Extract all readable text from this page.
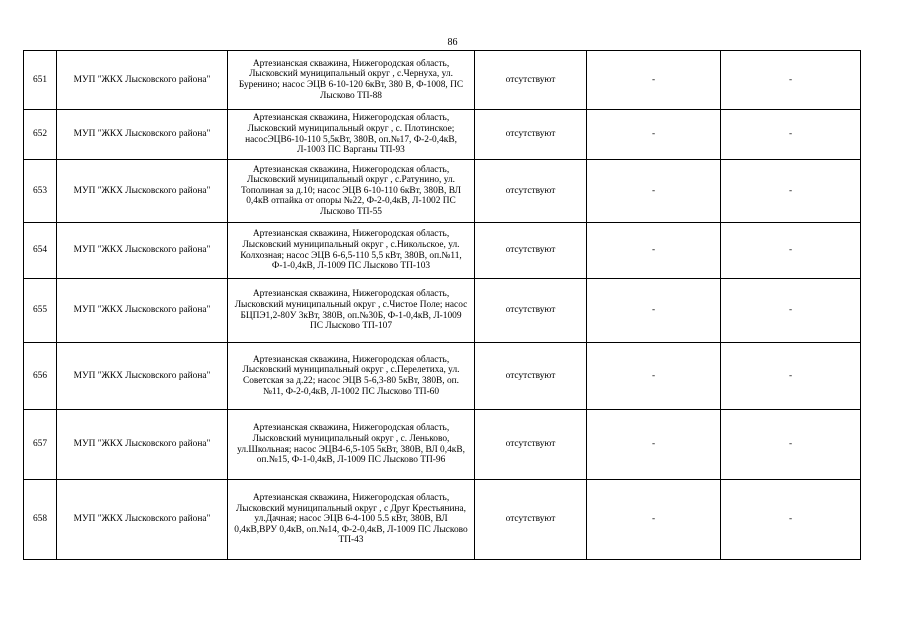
86
651	МУП "ЖКХ Лысковского района"	Артезианская скважина, Нижегородская область, Лысковский муниципальный округ , с.Чернуха, ул. Буренино; насос ЭЦВ 6-10-120 6кВт, 380 В, Ф-1008, ПС Лысково ТП-88	отсутствуют	-	-
652	МУП "ЖКХ Лысковского района"	Артезианская скважина, Нижегородская область, Лысковский муниципальный округ , с. Плотинское; насосЭЦВ6-10-110 5,5кВт, 380В, оп.№17, Ф-2-0,4кВ, Л-1003 ПС Варганы ТП-93	отсутствуют	-	-
653	МУП "ЖКХ Лысковского района"	Артезианская скважина, Нижегородская область, Лысковский муниципальный округ , с.Ратунино, ул. Тополиная за д.10; насос ЭЦВ 6-10-110 6кВт, 380В, ВЛ 0,4кВ отпайка от опоры №22, Ф-2-0,4кВ, Л-1002 ПС Лысково ТП-55	отсутствуют	-	-
654	МУП "ЖКХ Лысковского района"	Артезианская скважина, Нижегородская область, Лысковский муниципальный округ , с.Никольское, ул. Колхозная; насос ЭЦВ 6-6,5-110 5,5 кВт, 380В, оп.№11, Ф-1-0,4кВ, Л-1009 ПС Лысково ТП-103	отсутствуют	-	-
655	МУП "ЖКХ Лысковского района"	Артезианская скважина, Нижегородская область, Лысковский муниципальный округ , с.Чистое Поле; насос БЦПЭ1,2-80У 3кВт, 380В, оп.№30Б, Ф-1-0,4кВ, Л-1009 ПС Лысково ТП-107	отсутствуют	-	-
656	МУП "ЖКХ Лысковского района"	Артезианская скважина, Нижегородская область, Лысковский муниципальный округ , с.Перелетиха, ул. Советская за д.22; насос ЭЦВ 5-6,3-80 5кВт, 380В, оп.№11, Ф-2-0,4кВ, Л-1002 ПС Лысково ТП-60	отсутствуют	-	-
657	МУП "ЖКХ Лысковского района"	Артезианская скважина, Нижегородская область, Лысковский муниципальный округ , с. Леньково, ул.Школьная; насос ЭЦВ4-6,5-105 5кВт, 380В, ВЛ 0,4кВ, оп.№15, Ф-1-0,4кВ, Л-1009 ПС Лысково ТП-96	отсутствуют	-	-
658	МУП "ЖКХ Лысковского района"	Артезианская скважина, Нижегородская область, Лысковский муниципальный округ , с Друг Крестьянина, ул.Дачная; насос ЭЦВ 6-4-100 5.5 кВт, 380В, ВЛ 0,4кВ,ВРУ 0,4кВ, оп.№14, Ф-2-0,4кВ, Л-1009 ПС Лысково ТП-43	отсутствуют	-	-
